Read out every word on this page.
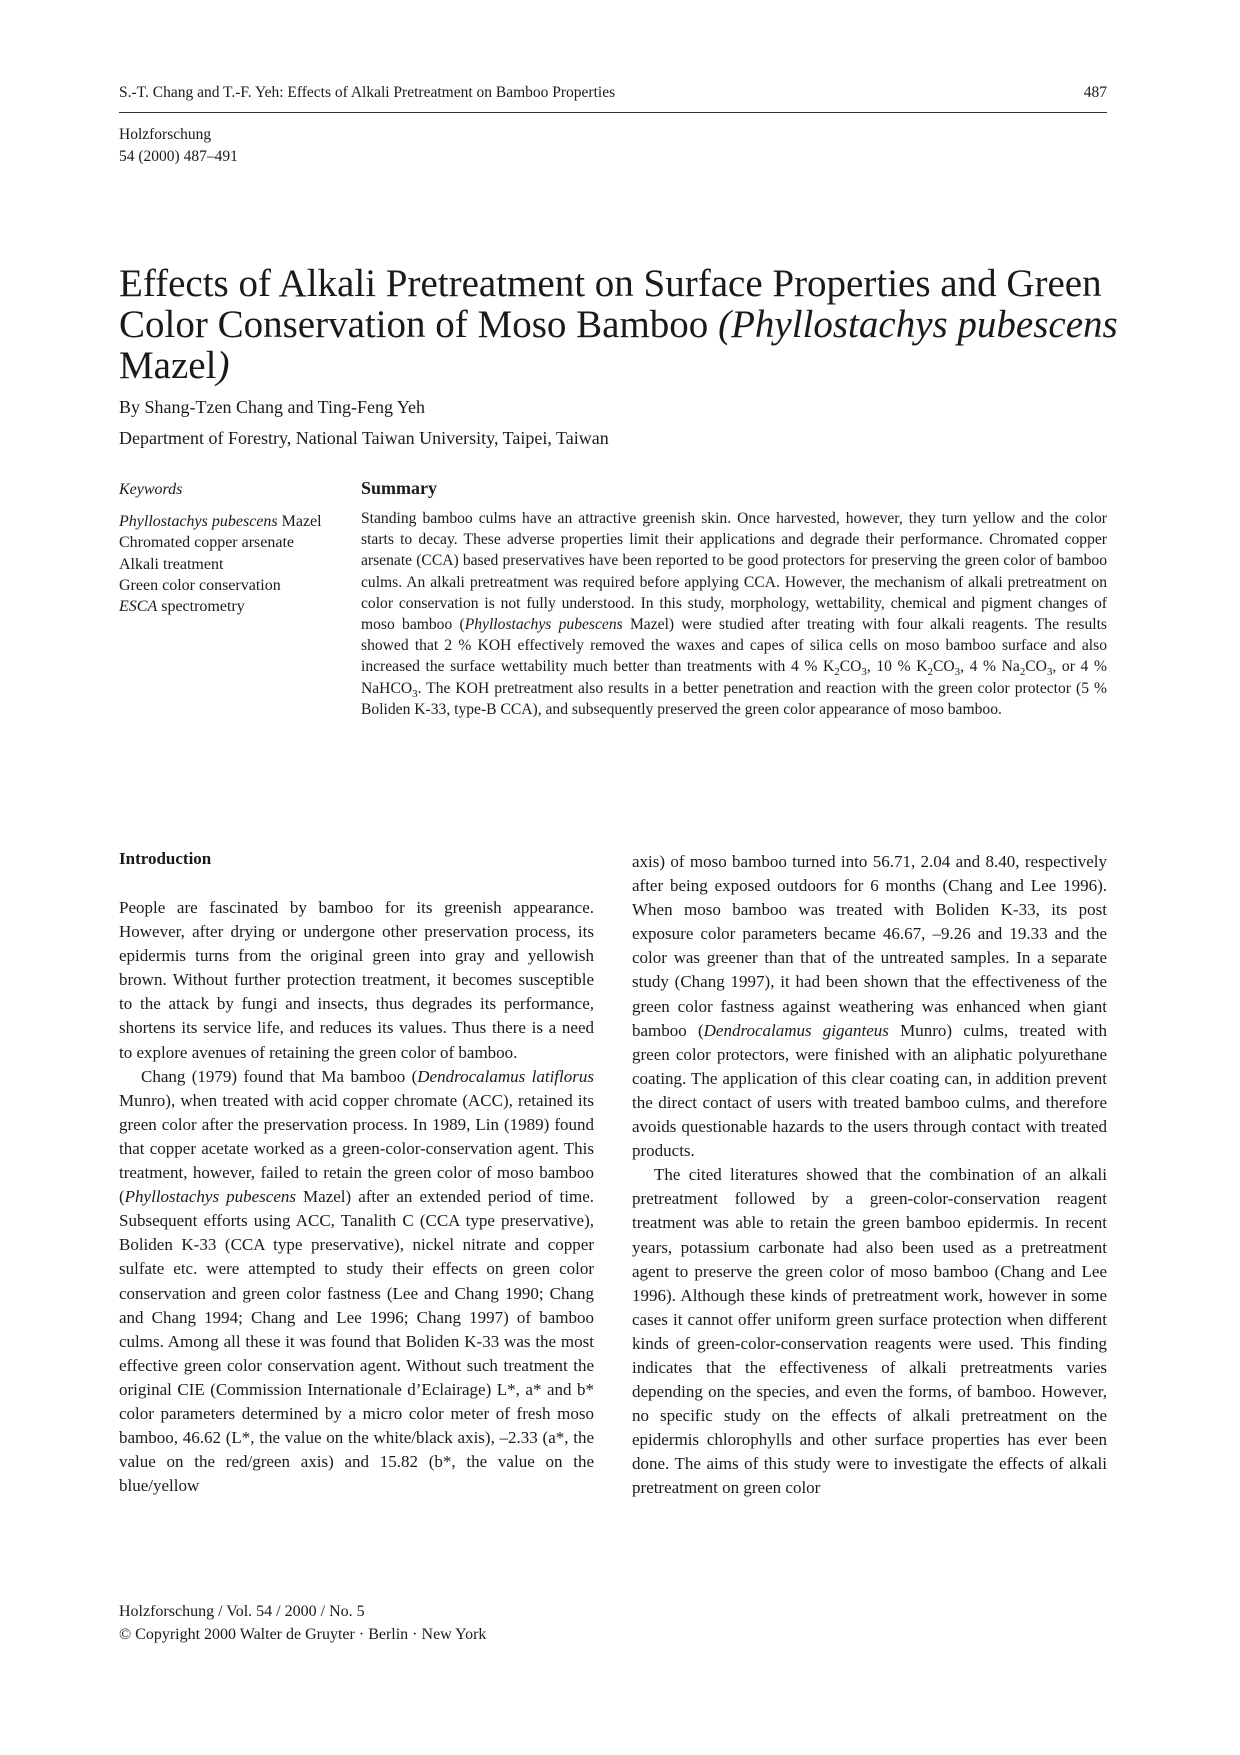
S.-T. Chang and T.-F. Yeh: Effects of Alkali Pretreatment on Bamboo Properties	487
Holzforschung
54 (2000) 487–491
Effects of Alkali Pretreatment on Surface Properties and Green Color Conservation of Moso Bamboo (Phyllostachys pubescens Mazel)
By Shang-Tzen Chang and Ting-Feng Yeh
Department of Forestry, National Taiwan University, Taipei, Taiwan
Keywords
Phyllostachys pubescens Mazel
Chromated copper arsenate
Alkali treatment
Green color conservation
ESCA spectrometry
Summary

Standing bamboo culms have an attractive greenish skin. Once harvested, however, they turn yellow and the color starts to decay. These adverse properties limit their applications and degrade their performance. Chromated copper arsenate (CCA) based preservatives have been reported to be good protectors for preserving the green color of bamboo culms. An alkali pretreatment was required before applying CCA. However, the mechanism of alkali pretreatment on color conservation is not fully understood. In this study, morphology, wettability, chemical and pigment changes of moso bamboo (Phyllostachys pubescens Mazel) were studied after treating with four alkali reagents. The results showed that 2 % KOH effectively removed the waxes and capes of silica cells on moso bamboo surface and also increased the surface wettability much better than treatments with 4 % $K_2CO_3$, 10 % $K_2CO_3$, 4 % $Na_2CO_3$, or 4 % NaHCO$_3$. The KOH pretreatment also results in a better penetration and reaction with the green color protector (5 % Boliden K-33, type-B CCA), and subsequently preserved the green color appearance of moso bamboo.

Introduction

People are fascinated by bamboo for its greenish appearance. However, after drying or undergone other preservation process, its epidermis turns from the original green into gray and yellowish brown. Without further protection treatment, it becomes susceptible to the attack by fungi and insects, thus degrades its performance, shortens its service life, and reduces its values. Thus there is a need to explore avenues of retaining the green color of bamboo.

Chang (1979) found that Ma bamboo (Dendrocalamus latiflorus Munro), when treated with acid copper chromate (ACC), retained its green color after the preservation process. In 1989, Lin (1989) found that copper acetate worked as a green-color-conservation agent. This treatment, however, failed to retain the green color of moso bamboo (Phyllostachys pubescens Mazel) after an extended period of time. Subsequent efforts using ACC, Tanalith C (CCA type preservative), Boliden K-33 (CCA type preservative), nickel nitrate and copper sulfate etc. were attempted to study their effects on green color conservation and green color fastness (Lee and Chang 1990; Chang and Chang 1994; Chang and Lee 1996; Chang 1997) of bamboo culms. Among all these it was found that Boliden K-33 was the most effective green color conservation agent. Without such treatment the original CIE (Commission Internationale d’Eclairage) L*, a* and b* color parameters determined by a micro color meter of fresh moso bamboo, 46.62 (L*, the value on the white/black axis), –2.33 (a*, the value on the red/green axis) and 15.82 (b*, the value on the blue/yellow

axis) of moso bamboo turned into 56.71, 2.04 and 8.40, respectively after being exposed outdoors for 6 months (Chang and Lee 1996). When moso bamboo was treated with Boliden K-33, its post exposure color parameters became 46.67, –9.26 and 19.33 and the color was greener than that of the untreated samples. In a separate study (Chang 1997), it had been shown that the effectiveness of the green color fastness against weathering was enhanced when giant bamboo (Dendrocalamus giganteus Munro) culms, treated with green color protectors, were finished with an aliphatic polyurethane coating. The application of this clear coating can, in addition prevent the direct contact of users with treated bamboo culms, and therefore avoids questionable hazards to the users through contact with treated products.

The cited literatures showed that the combination of an alkali pretreatment followed by a green-color-conservation reagent treatment was able to retain the green bamboo epidermis. In recent years, potassium carbonate had also been used as a pretreatment agent to preserve the green color of moso bamboo (Chang and Lee 1996). Although these kinds of pretreatment work, however in some cases it cannot offer uniform green surface protection when different kinds of green-color-conservation reagents were used. This finding indicates that the effectiveness of alkali pretreatments varies depending on the species, and even the forms, of bamboo. However, no specific study on the effects of alkali pretreatment on the epidermis chlorophylls and other surface properties has ever been done. The aims of this study were to investigate the effects of alkali pretreatment on green color

Holzforschung / Vol. 54 / 2000 / No. 5
© Copyright 2000 Walter de Gruyter · Berlin · New York
